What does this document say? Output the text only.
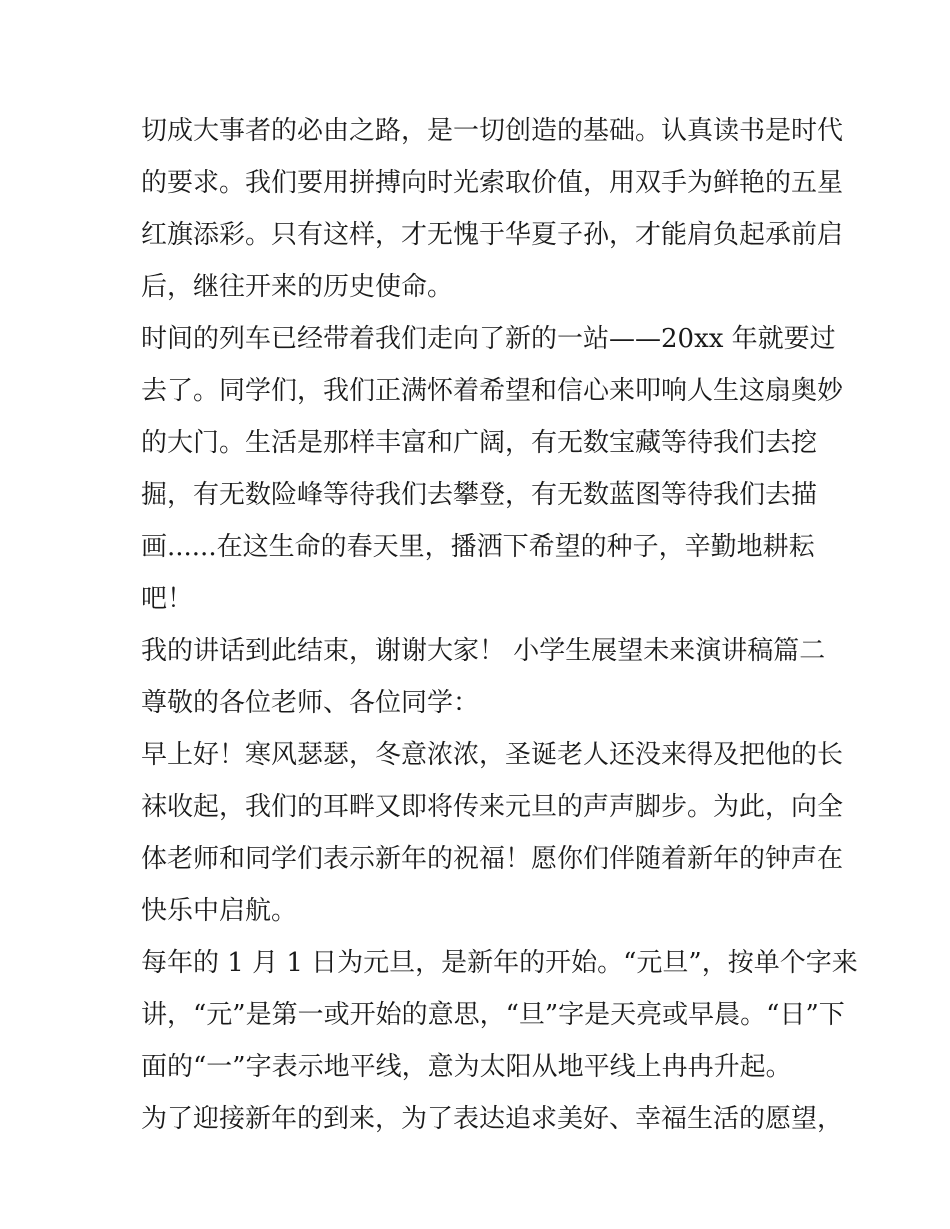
切成大事者的必由之路，是一切创造的基础。认真读书是时代
的要求。我们要用拼搏向时光索取价值，用双手为鲜艳的五星
红旗添彩。只有这样，才无愧于华夏子孙，才能肩负起承前启
后，继往开来的历史使命。
时间的列车已经带着我们走向了新的一站——20xx 年就要过
去了。同学们，我们正满怀着希望和信心来叩响人生这扇奥妙
的大门。生活是那样丰富和广阔，有无数宝藏等待我们去挖
掘，有无数险峰等待我们去攀登，有无数蓝图等待我们去描
画......在这生命的春天里，播洒下希望的种子，辛勤地耕耘
吧！
我的讲话到此结束，谢谢大家！ 小学生展望未来演讲稿篇二
尊敬的各位老师、各位同学：
早上好！寒风瑟瑟，冬意浓浓，圣诞老人还没来得及把他的长
袜收起，我们的耳畔又即将传来元旦的声声脚步。为此，向全
体老师和同学们表示新年的祝福！愿你们伴随着新年的钟声在
快乐中启航。
每年的 1 月 1 日为元旦，是新年的开始。“元旦”，按单个字来
讲，“元”是第一或开始的意思，“旦”字是天亮或早晨。“日”下
面的“一”字表示地平线，意为太阳从地平线上冉冉升起。
为了迎接新年的到来，为了表达追求美好、幸福生活的愿望，
